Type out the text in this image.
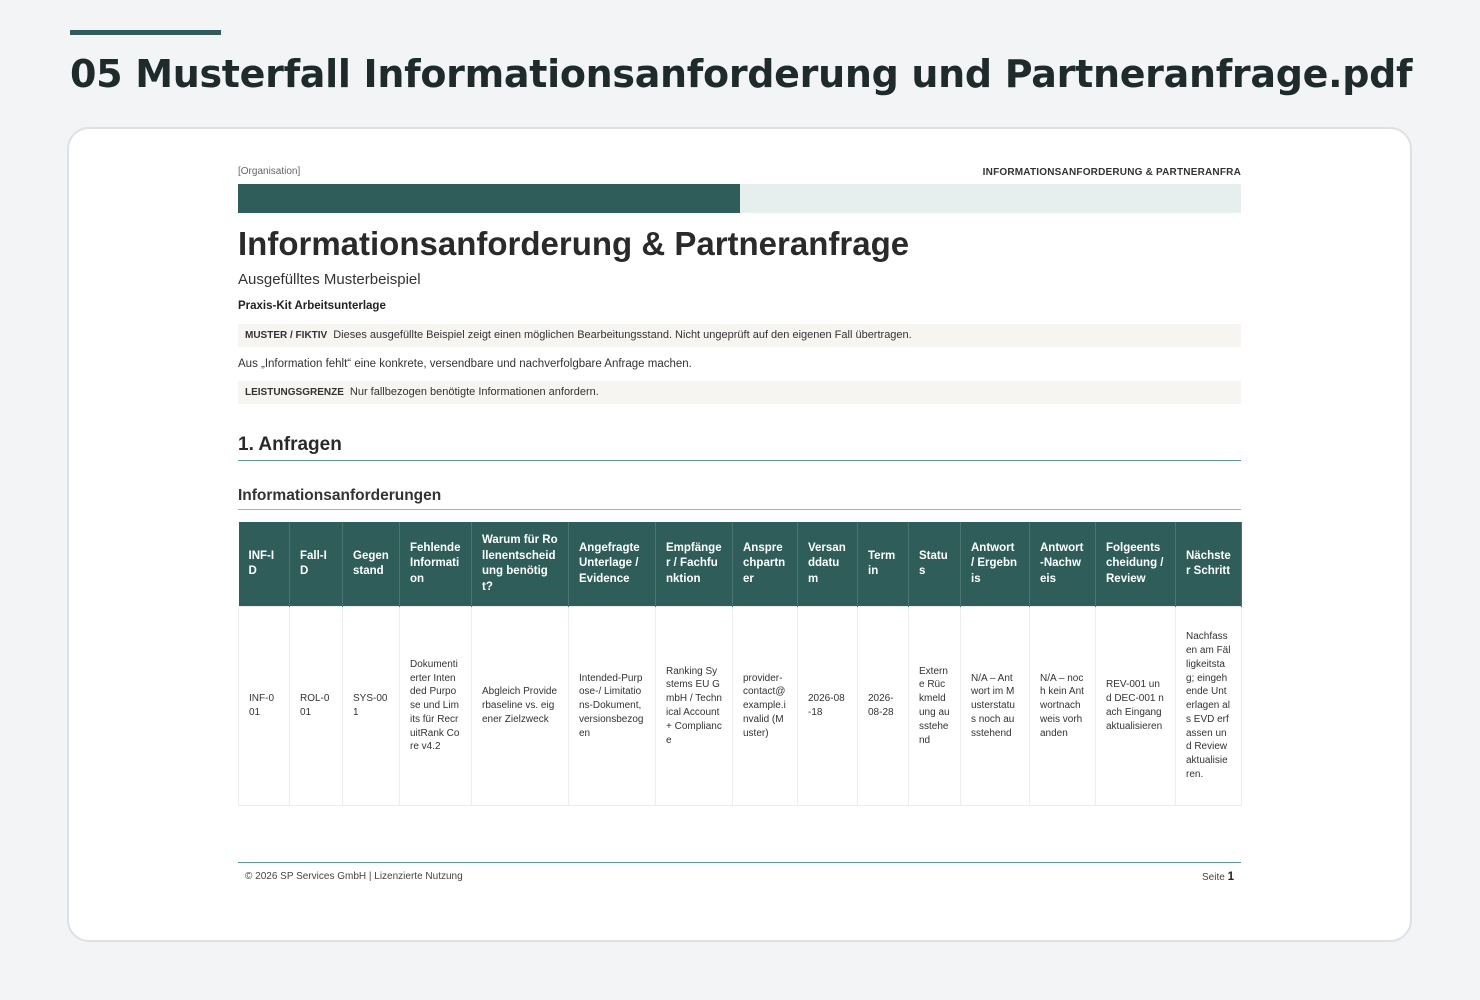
05 Musterfall Informationsanforderung und Partneranfrage.pdf
[Organisation]	INFORMATIONSANFORDERUNG & PARTNERANFRA
Informationsanforderung & Partneranfrage
Ausgefülltes Musterbeispiel
Praxis-Kit Arbeitsunterlage
MUSTER / FIKTIV Dieses ausgefüllte Beispiel zeigt einen möglichen Bearbeitungsstand. Nicht ungeprüft auf den eigenen Fall übertragen.
Aus „Information fehlt“ eine konkrete, versendbare und nachverfolgbare Anfrage machen.
LEISTUNGSGRENZE Nur fallbezogen benötigte Informationen anfordern.
1. Anfragen
Informationsanforderungen
INF-ID	Fall-ID	Gegenstand	Fehlende Information	Warum für Rollenentscheidung benötigt?	Angefragte Unterlage / Evidence	Empfänger / Fachfunktion	Ansprechpartner	Versanddatum	Termin	Status	Antwort / Ergebnis	Antwort-Nachweis	Folgeentscheidung / Review	Nächster Schritt
INF-001	ROL-001	SYS-001	Dokumentierter Intended Purpose und Limits für RecruitRank Core v4.2	Abgleich Providerbaseline vs. eigener Zielzweck	Intended-Purpose-/ Limitations-Dokument, versionsbezogen	Ranking Systems EU GmbH / Technical Account + Compliance	provider-contact@example.invalid (Muster)	2026-08-18	2026-08-28	Externe Rückmeldung ausstehend	N/A – Antwort im Musterstatus noch ausstehend	N/A – noch kein Antwortnachweis vorhanden	REV-001 und DEC-001 nach Eingang aktualisieren	Nachfassen am Fälligkeitstag; eingehende Unterlagen als EVD erfassen und Review aktualisieren.
© 2026 SP Services GmbH | Lizenzierte Nutzung	Seite 1
